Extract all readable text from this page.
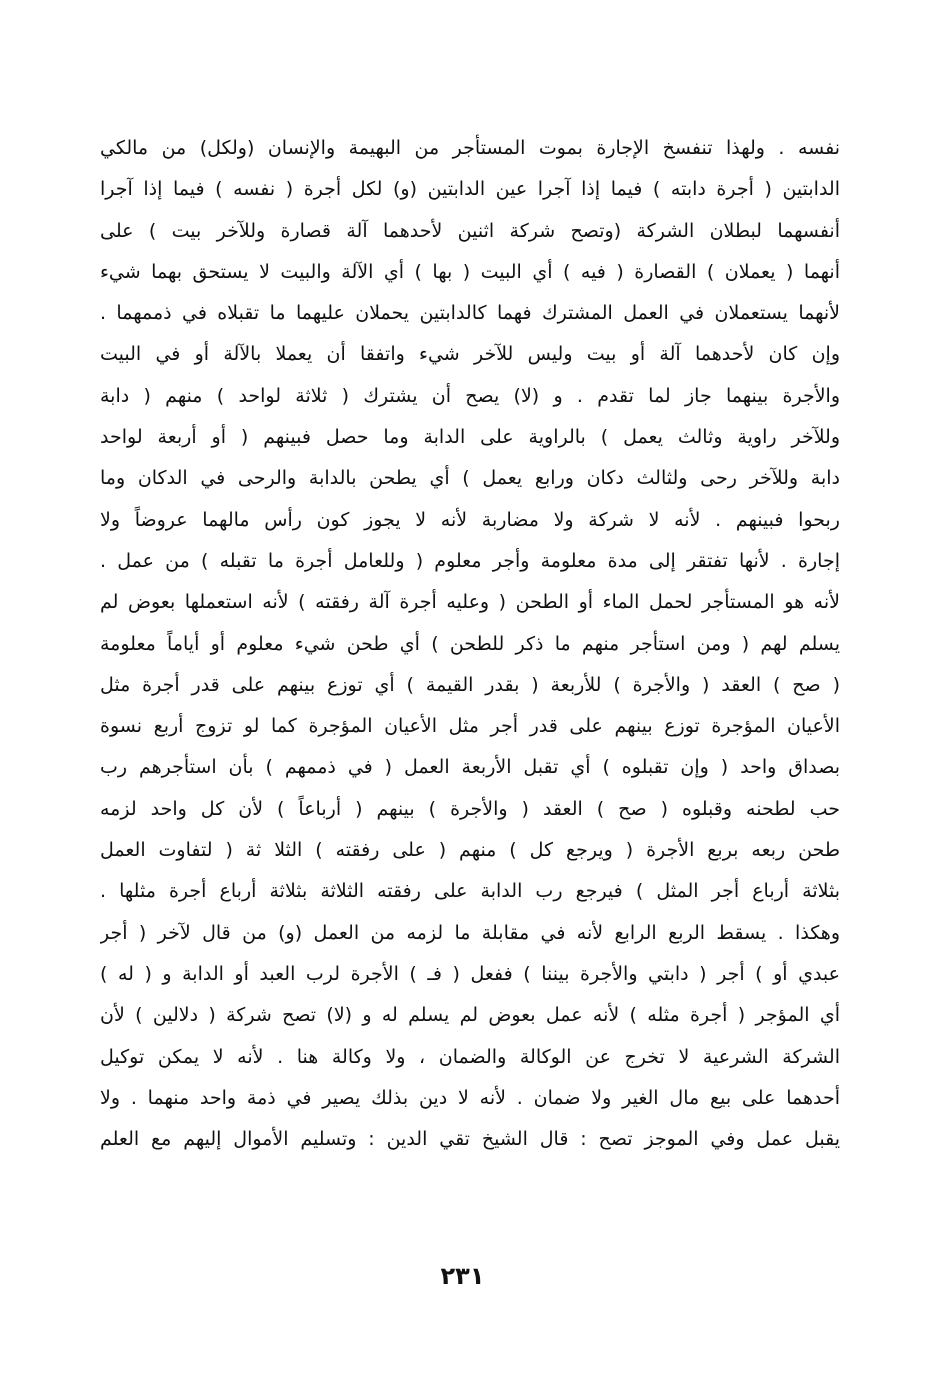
نفسه . ولهذا تنفسخ الإجارة بموت المستأجر من البهيمة والإنسان (ولكل) من مالكي
الدابتين ( أجرة دابته ) فيما إذا آجرا عين الدابتين (و) لكل أجرة ( نفسه ) فيما إذا آجرا
أنفسهما لبطلان الشركة (وتصح شركة اثنين لأحدهما آلة قصارة وللآخر بيت ) على
أنهما ( يعملان ) القصارة ( فيه ) أي البيت ( بها ) أي الآلة والبيت لا يستحق بهما شيء
لأنهما يستعملان في العمل المشترك فهما كالدابتين يحملان عليهما ما تقبلاه في ذممهما .
وإن كان لأحدهما آلة أو بيت وليس للآخر شيء واتفقا أن يعملا بالآلة أو في البيت
والأجرة بينهما جاز لما تقدم . و (لا) يصح أن يشترك ( ثلاثة لواحد ) منهم ( دابة
وللآخر راوية وثالث يعمل ) بالراوية على الدابة وما حصل فبينهم ( أو أربعة لواحد
دابة وللآخر رحى ولثالث دكان ورابع يعمل ) أي يطحن بالدابة والرحى في الدكان وما
ربحوا فبينهم . لأنه لا شركة ولا مضاربة لأنه لا يجوز كون رأس مالهما عروضاً ولا
إجارة . لأنها تفتقر إلى مدة معلومة وأجر معلوم ( وللعامل أجرة ما تقبله ) من عمل .
لأنه هو المستأجر لحمل الماء أو الطحن ( وعليه أجرة آلة رفقته ) لأنه استعملها بعوض لم
يسلم لهم ( ومن استأجر منهم ما ذكر للطحن ) أي طحن شيء معلوم أو أياماً معلومة
( صح ) العقد ( والأجرة ) للأربعة ( بقدر القيمة ) أي توزع بينهم على قدر أجرة مثل
الأعيان المؤجرة توزع بينهم على قدر أجر مثل الأعيان المؤجرة كما لو تزوج أربع نسوة
بصداق واحد ( وإن تقبلوه ) أي تقبل الأربعة العمل ( في ذممهم ) بأن استأجرهم رب
حب لطحنه وقبلوه ( صح ) العقد ( والأجرة ) بينهم ( أرباعاً ) لأن كل واحد لزمه
طحن ربعه بربع الأجرة ( ويرجع كل ) منهم ( على رفقته ) الثلا ثة ( لتفاوت العمل
بثلاثة أرباع أجر المثل ) فيرجع رب الدابة على رفقته الثلاثة بثلاثة أرباع أجرة مثلها .
وهكذا . يسقط الربع الرابع لأنه في مقابلة ما لزمه من العمل (و) من قال لآخر ( أجر
عبدي أو ) أجر ( دابتي والأجرة بيننا ) ففعل ( فـ ) الأجرة لرب العبد أو الدابة و ( له )
أي المؤجر ( أجرة مثله ) لأنه عمل بعوض لم يسلم له و (لا) تصح شركة ( دلالين ) لأن
الشركة الشرعية لا تخرج عن الوكالة والضمان ، ولا وكالة هنا . لأنه لا يمكن توكيل
أحدهما على بيع مال الغير ولا ضمان . لأنه لا دين بذلك يصير في ذمة واحد منهما . ولا
يقبل عمل وفي الموجز تصح : قال الشيخ تقي الدين : وتسليم الأموال إليهم مع العلم
٢٣١
